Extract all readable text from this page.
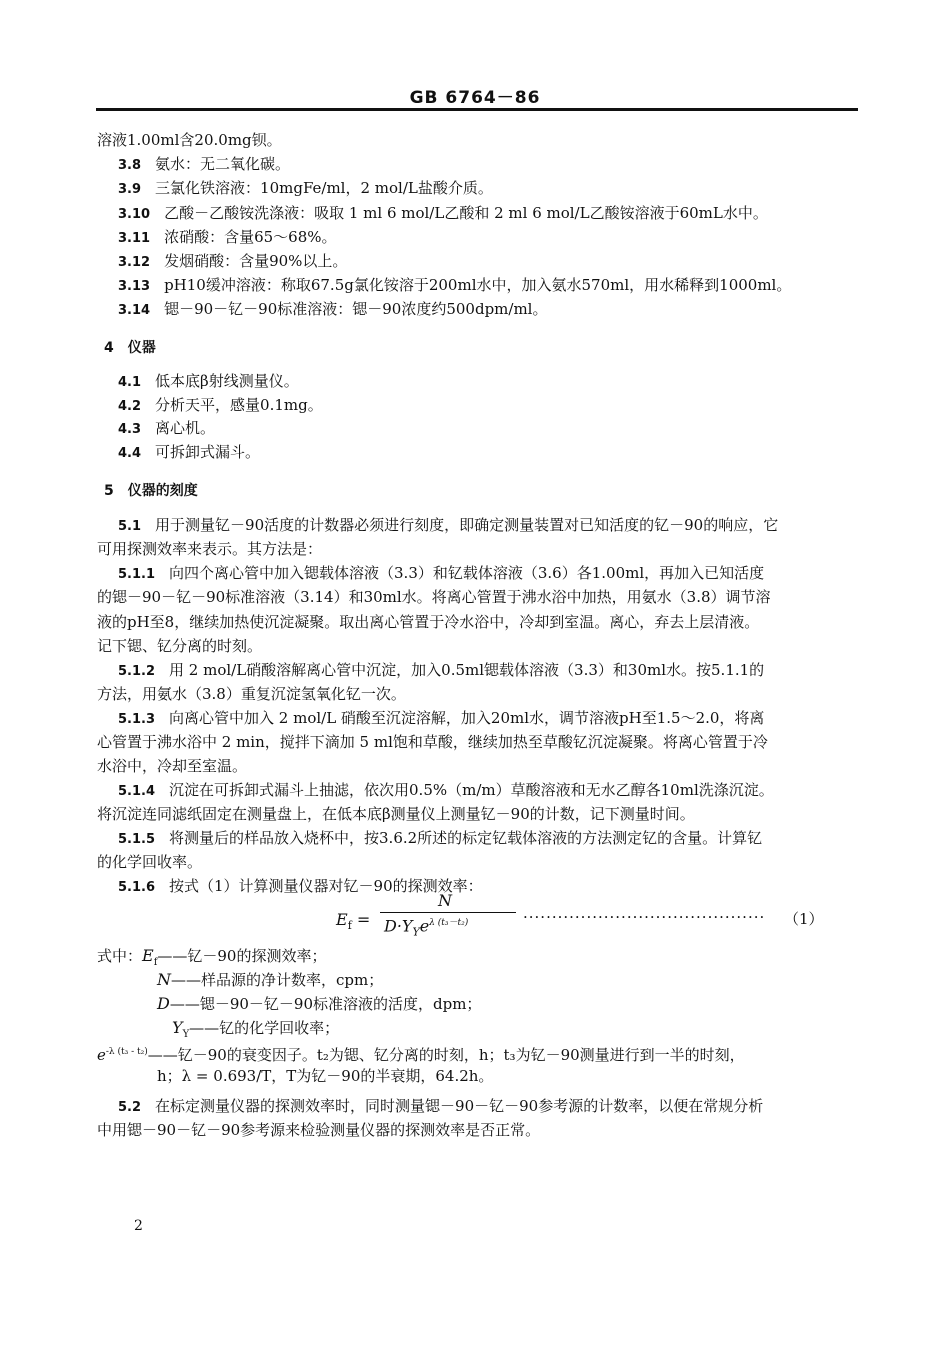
GB 6764－86
溶液1.00ml含20.0mg钡。
3.8 氨水：无二氧化碳。
3.9 三氯化铁溶液：10mgFe/ml，2 mol/L盐酸介质。
3.10 乙酸－乙酸铵洗涤液：吸取 1 ml 6 mol/L乙酸和 2 ml 6 mol/L乙酸铵溶液于60mL水中。
3.11 浓硝酸：含量65～68%。
3.12 发烟硝酸：含量90%以上。
3.13 pH10缓冲溶液：称取67.5g氯化铵溶于200ml水中，加入氨水570ml，用水稀释到1000ml。
3.14 锶－90－钇－90标准溶液：锶－90浓度约500dpm/ml。
4　仪器
4.1 低本底β射线测量仪。
4.2 分析天平，感量0.1mg。
4.3 离心机。
4.4 可拆卸式漏斗。
5　仪器的刻度
5.1 用于测量钇－90活度的计数器必须进行刻度，即确定测量装置对已知活度的钇－90的响应，它
可用探测效率来表示。其方法是：
5.1.1 向四个离心管中加入锶载体溶液（3.3）和钇载体溶液（3.6）各1.00ml，再加入已知活度
的锶－90－钇－90标准溶液（3.14）和30ml水。将离心管置于沸水浴中加热，用氨水（3.8）调节溶
液的pH至8，继续加热使沉淀凝聚。取出离心管置于冷水浴中，冷却到室温。离心，弃去上层清液。
记下锶、钇分离的时刻。
5.1.2 用 2 mol/L硝酸溶解离心管中沉淀，加入0.5ml锶载体溶液（3.3）和30ml水。按5.1.1的
方法，用氨水（3.8）重复沉淀氢氧化钇一次。
5.1.3 向离心管中加入 2 mol/L 硝酸至沉淀溶解，加入20ml水，调节溶液pH至1.5～2.0，将离
心管置于沸水浴中 2 min，搅拌下滴加 5 ml饱和草酸，继续加热至草酸钇沉淀凝聚。将离心管置于冷
水浴中，冷却至室温。
5.1.4 沉淀在可拆卸式漏斗上抽滤，依次用0.5%（m/m）草酸溶液和无水乙醇各10ml洗涤沉淀。
将沉淀连同滤纸固定在测量盘上，在低本底β测量仪上测量钇－90的计数，记下测量时间。
5.1.5 将测量后的样品放入烧杯中，按3.6.2所述的标定钇载体溶液的方法测定钇的含量。计算钇
的化学回收率。
5.1.6 按式（1）计算测量仪器对钇－90的探测效率：
$E_f$ =
N
$D\cdot Y_Ye^{\lambda (t_3-t_2)}$	·········································· （1）
式中： $E_f——$钇－90的探测效率；
N——样品源的净计数率，cpm；
D——锶－90－钇－90标准溶液的活度，dpm；
$Y_Y——$钇的化学回收率；
$e^{-\lambda (t_3 - t_2)}——$钇－90的衰变因子。t₂为锶、钇分离的时刻，h；t₃为钇－90测量进行到一半的时刻，
h；λ = 0.693/T，T为钇－90的半衰期，64.2h。
5.2 在标定测量仪器的探测效率时，同时测量锶－90－钇－90参考源的计数率，以便在常规分析
中用锶－90－钇－90参考源来检验测量仪器的探测效率是否正常。
2
